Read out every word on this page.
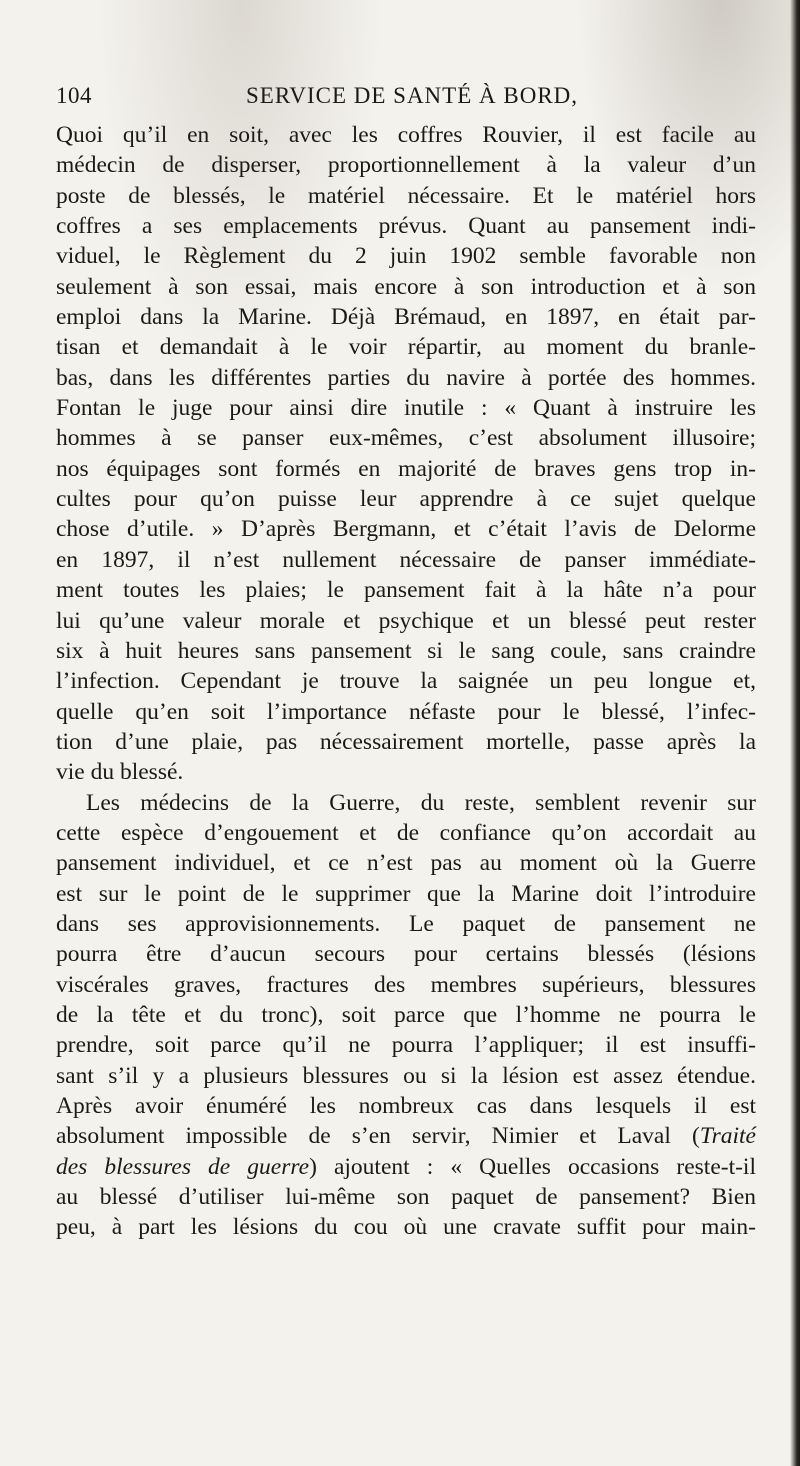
104	SERVICE DE SANTÉ À BORD,
Quoi qu’il en soit, avec les coffres Rouvier, il est facile au
médecin de disperser, proportionnellement à la valeur d’un
poste de blessés, le matériel nécessaire. Et le matériel hors
coffres a ses emplacements prévus. Quant au pansement indi-
viduel, le Règlement du 2 juin 1902 semble favorable non
seulement à son essai, mais encore à son introduction et à son
emploi dans la Marine. Déjà Brémaud, en 1897, en était par-
tisan et demandait à le voir répartir, au moment du branle-
bas, dans les différentes parties du navire à portée des hommes.
Fontan le juge pour ainsi dire inutile : « Quant à instruire les
hommes à se panser eux-mêmes, c’est absolument illusoire;
nos équipages sont formés en majorité de braves gens trop in-
cultes pour qu’on puisse leur apprendre à ce sujet quelque
chose d’utile. » D’après Bergmann, et c’était l’avis de Delorme
en 1897, il n’est nullement nécessaire de panser immédiate-
ment toutes les plaies; le pansement fait à la hâte n’a pour
lui qu’une valeur morale et psychique et un blessé peut rester
six à huit heures sans pansement si le sang coule, sans craindre
l’infection. Cependant je trouve la saignée un peu longue et,
quelle qu’en soit l’importance néfaste pour le blessé, l’infec-
tion d’une plaie, pas nécessairement mortelle, passe après la
vie du blessé.
Les médecins de la Guerre, du reste, semblent revenir sur
cette espèce d’engouement et de confiance qu’on accordait au
pansement individuel, et ce n’est pas au moment où la Guerre
est sur le point de le supprimer que la Marine doit l’introduire
dans ses approvisionnements. Le paquet de pansement ne
pourra être d’aucun secours pour certains blessés (lésions
viscérales graves, fractures des membres supérieurs, blessures
de la tête et du tronc), soit parce que l’homme ne pourra le
prendre, soit parce qu’il ne pourra l’appliquer; il est insuffi-
sant s’il y a plusieurs blessures ou si la lésion est assez étendue.
Après avoir énuméré les nombreux cas dans lesquels il est
absolument impossible de s’en servir, Nimier et Laval (Traité
des blessures de guerre) ajoutent : « Quelles occasions reste-t-il
au blessé d’utiliser lui-même son paquet de pansement? Bien
peu, à part les lésions du cou où une cravate suffit pour main-
